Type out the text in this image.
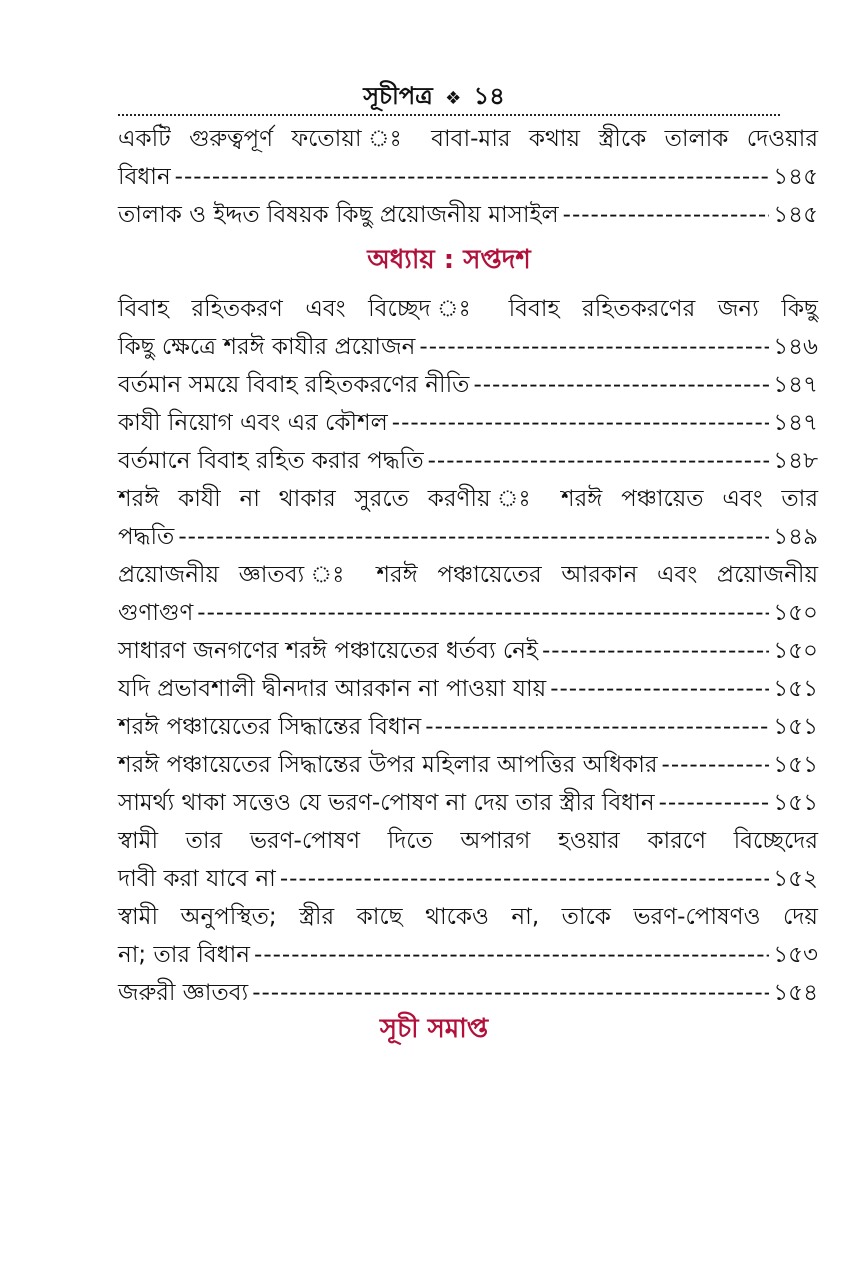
সূচীপত্র ❖ ১৪
একটি গুরুত্বপূর্ণ ফতোয়া ঃ বাবা-মার কথায় স্ত্রীকে তালাক দেওয়ার
বিধান -----	১৪৫
তালাক ও ইদ্দত বিষয়ক কিছু প্রয়োজনীয় মাসাইল -----	১৪৫
অধ্যায় : সপ্তদশ
বিবাহ রহিতকরণ এবং বিচ্ছেদ ঃ বিবাহ রহিতকরণের জন্য কিছু
কিছু ক্ষেত্রে শরঈ কাযীর প্রয়োজন -----	১৪৬
বর্তমান সময়ে বিবাহ রহিতকরণের নীতি -----	১৪৭
কাযী নিয়োগ এবং এর কৌশল -----	১৪৭
বর্তমানে বিবাহ রহিত করার পদ্ধতি -----	১৪৮
শরঈ কাযী না থাকার সুরতে করণীয় ঃ শরঈ পঞ্চায়েত এবং তার
পদ্ধতি -----	১৪৯
প্রয়োজনীয় জ্ঞাতব্য ঃ শরঈ পঞ্চায়েতের আরকান এবং প্রয়োজনীয়
গুণাগুণ -----	১৫০
সাধারণ জনগণের শরঈ পঞ্চায়েতের ধর্তব্য নেই -----	১৫০
যদি প্রভাবশালী দ্বীনদার আরকান না পাওয়া যায় -----	১৫১
শরঈ পঞ্চায়েতের সিদ্ধান্তের বিধান -----	১৫১
শরঈ পঞ্চায়েতের সিদ্ধান্তের উপর মহিলার আপত্তির অধিকার -----	১৫১
সামর্থ্য থাকা সত্তেও যে ভরণ-পোষণ না দেয় তার স্ত্রীর বিধান -----	১৫১
স্বামী তার ভরণ-পোষণ দিতে অপারগ হওয়ার কারণে বিচ্ছেদের
দাবী করা যাবে না -----	১৫২
স্বামী অনুপস্থিত; স্ত্রীর কাছে থাকেও না, তাকে ভরণ-পোষণও দেয়
না; তার বিধান -----	১৫৩
জরুরী জ্ঞাতব্য -----	১৫৪
সূচী সমাপ্ত
